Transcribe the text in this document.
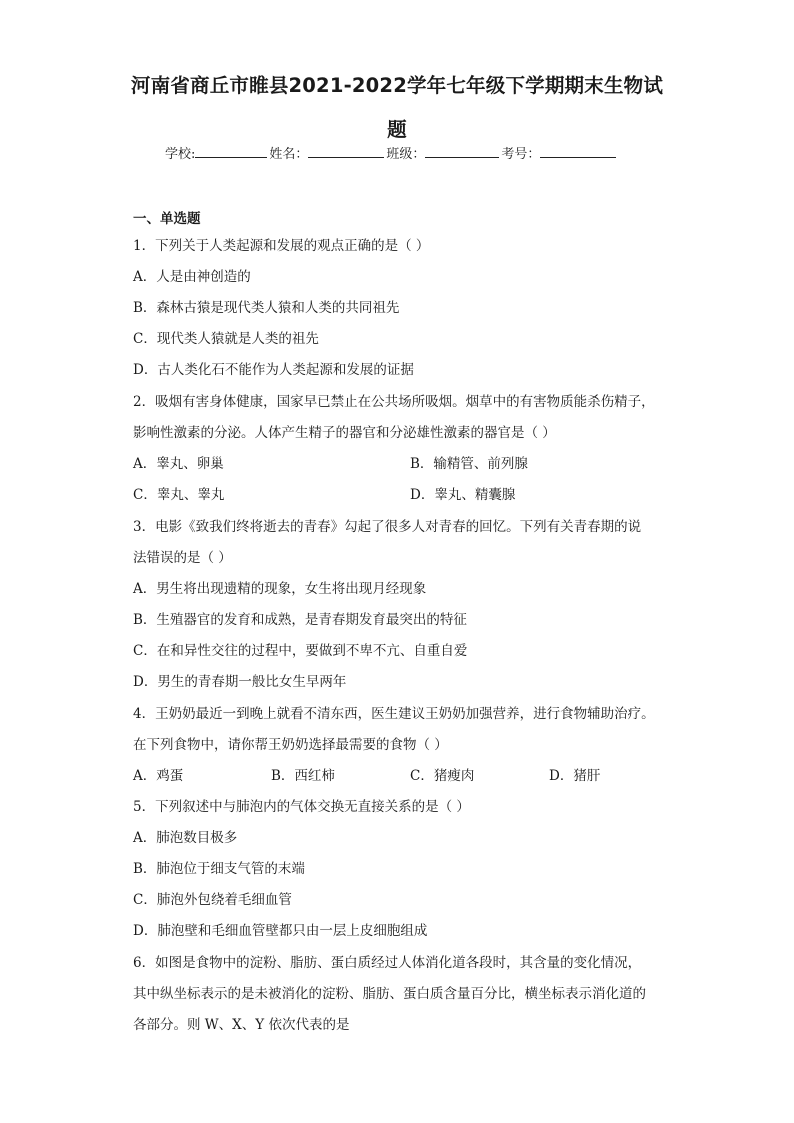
河南省商丘市睢县2021-2022学年七年级下学期期末生物试
题
学校:	姓名：	班级：	考号：
一、单选题
1．下列关于人类起源和发展的观点正确的是（ ）
A．人是由神创造的
B．森林古猿是现代类人猿和人类的共同祖先
C．现代类人猿就是人类的祖先
D．古人类化石不能作为人类起源和发展的证据
2．吸烟有害身体健康，国家早已禁止在公共场所吸烟。烟草中的有害物质能杀伤精子，
影响性激素的分泌。人体产生精子的器官和分泌雄性激素的器官是（ ）
A．睾丸、卵巢	B．输精管、前列腺
C．睾丸、睾丸	D．睾丸、精囊腺
3．电影《致我们终将逝去的青春》勾起了很多人对青春的回忆。下列有关青春期的说
法错误的是（ ）
A．男生将出现遗精的现象，女生将出现月经现象
B．生殖器官的发育和成熟，是青春期发育最突出的特征
C．在和异性交往的过程中，要做到不卑不亢、自重自爱
D．男生的青春期一般比女生早两年
4．王奶奶最近一到晚上就看不清东西，医生建议王奶奶加强营养，进行食物辅助治疗。
在下列食物中，请你帮王奶奶选择最需要的食物（ ）
A．鸡蛋	B．西红柿	C．猪瘦肉	D．猪肝
5．下列叙述中与肺泡内的气体交换无直接关系的是（ ）
A．肺泡数目极多
B．肺泡位于细支气管的末端
C．肺泡外包绕着毛细血管
D．肺泡壁和毛细血管壁都只由一层上皮细胞组成
6．如图是食物中的淀粉、脂肪、蛋白质经过人体消化道各段时，其含量的变化情况，
其中纵坐标表示的是未被消化的淀粉、脂肪、蛋白质含量百分比，横坐标表示消化道的
各部分。则 W、X、Y 依次代表的是
